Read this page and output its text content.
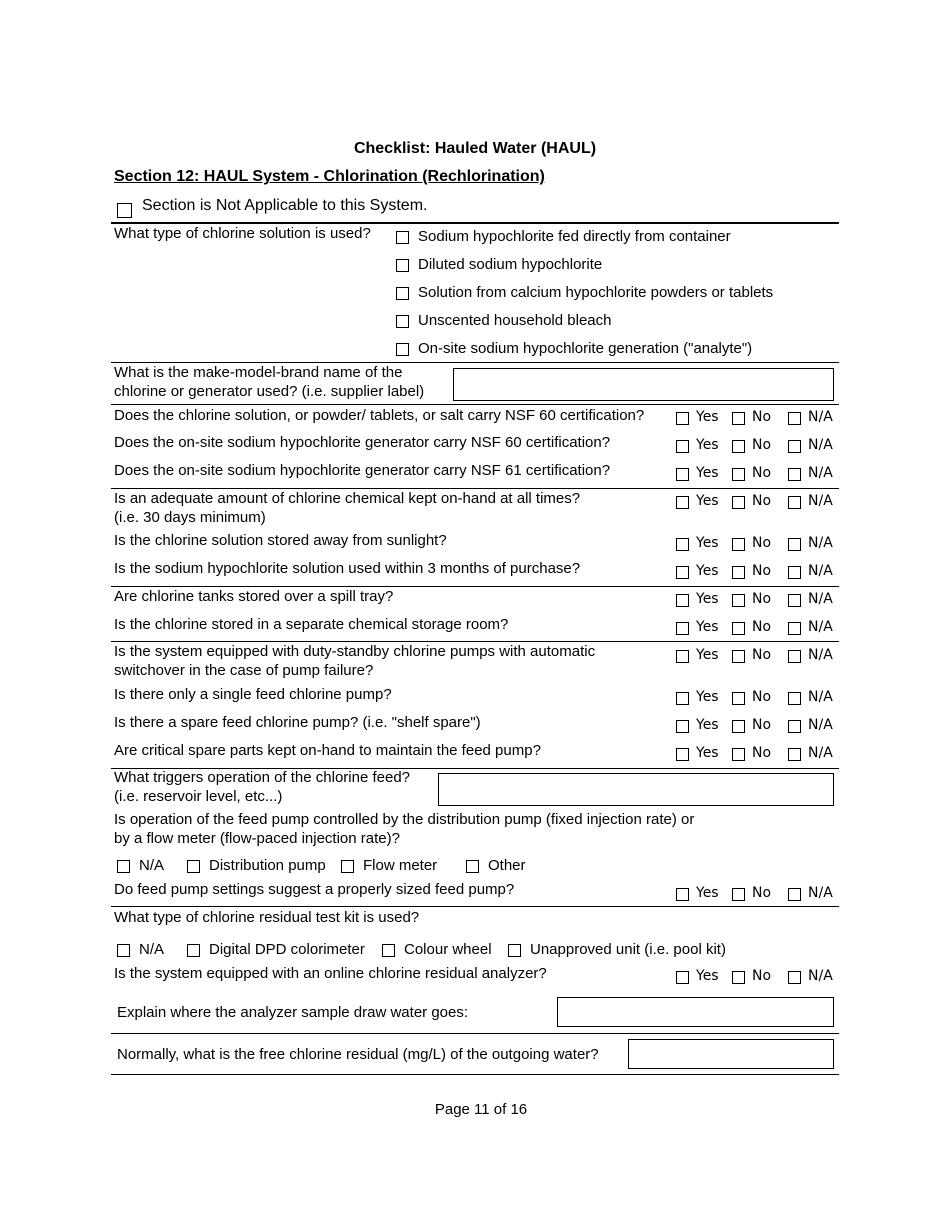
Checklist: Hauled Water (HAUL)
Section 12: HAUL System - Chlorination (Rechlorination)
Section is Not Applicable to this System.
What type of chlorine solution is used?	Sodium hypochlorite fed directly from container
Diluted sodium hypochlorite
Solution from calcium hypochlorite powders or tablets
Unscented household bleach
On-site sodium hypochlorite generation ("analyte")
What is the make-model-brand name of the
chlorine or generator used? (i.e. supplier label)
Does the chlorine solution, or powder/ tablets, or salt carry NSF 60 certification?	Yes No	N/A
Does the on-site sodium hypochlorite generator carry NSF 60 certification?	Yes No	N/A
Does the on-site sodium hypochlorite generator carry NSF 61 certification?	Yes No	N/A
Is an adequate amount of chlorine chemical kept on-hand at all times?
(i.e. 30 days minimum)
Yes No	N/A
Is the chlorine solution stored away from sunlight?	Yes No	N/A
Is the sodium hypochlorite solution used within 3 months of purchase?	Yes No	N/A
Are chlorine tanks stored over a spill tray?	Yes No	N/A
Is the chlorine stored in a separate chemical storage room?	Yes No	N/A
Is the system equipped with duty-standby chlorine pumps with automatic
switchover in the case of pump failure?
Yes No	N/A
Is there only a single feed chlorine pump?	Yes No	N/A
Is there a spare feed chlorine pump? (i.e. "shelf spare")	Yes No	N/A
Are critical spare parts kept on-hand to maintain the feed pump?	Yes No	N/A
What triggers operation of the chlorine feed?
(i.e. reservoir level, etc...)
Is operation of the feed pump controlled by the distribution pump (fixed injection rate) or
by a flow meter (flow-paced injection rate)?
N/A	Distribution pump Flow meter	Other
Do feed pump settings suggest a properly sized feed pump?	Yes No	N/A
What type of chlorine residual test kit is used?
N/A	Digital DPD colorimeter	Colour wheel	Unapproved unit (i.e. pool kit)
Is the system equipped with an online chlorine residual analyzer?	Yes No	N/A
Explain where the analyzer sample draw water goes:
Normally, what is the free chlorine residual (mg/L) of the outgoing water?
Page 11 of 16
